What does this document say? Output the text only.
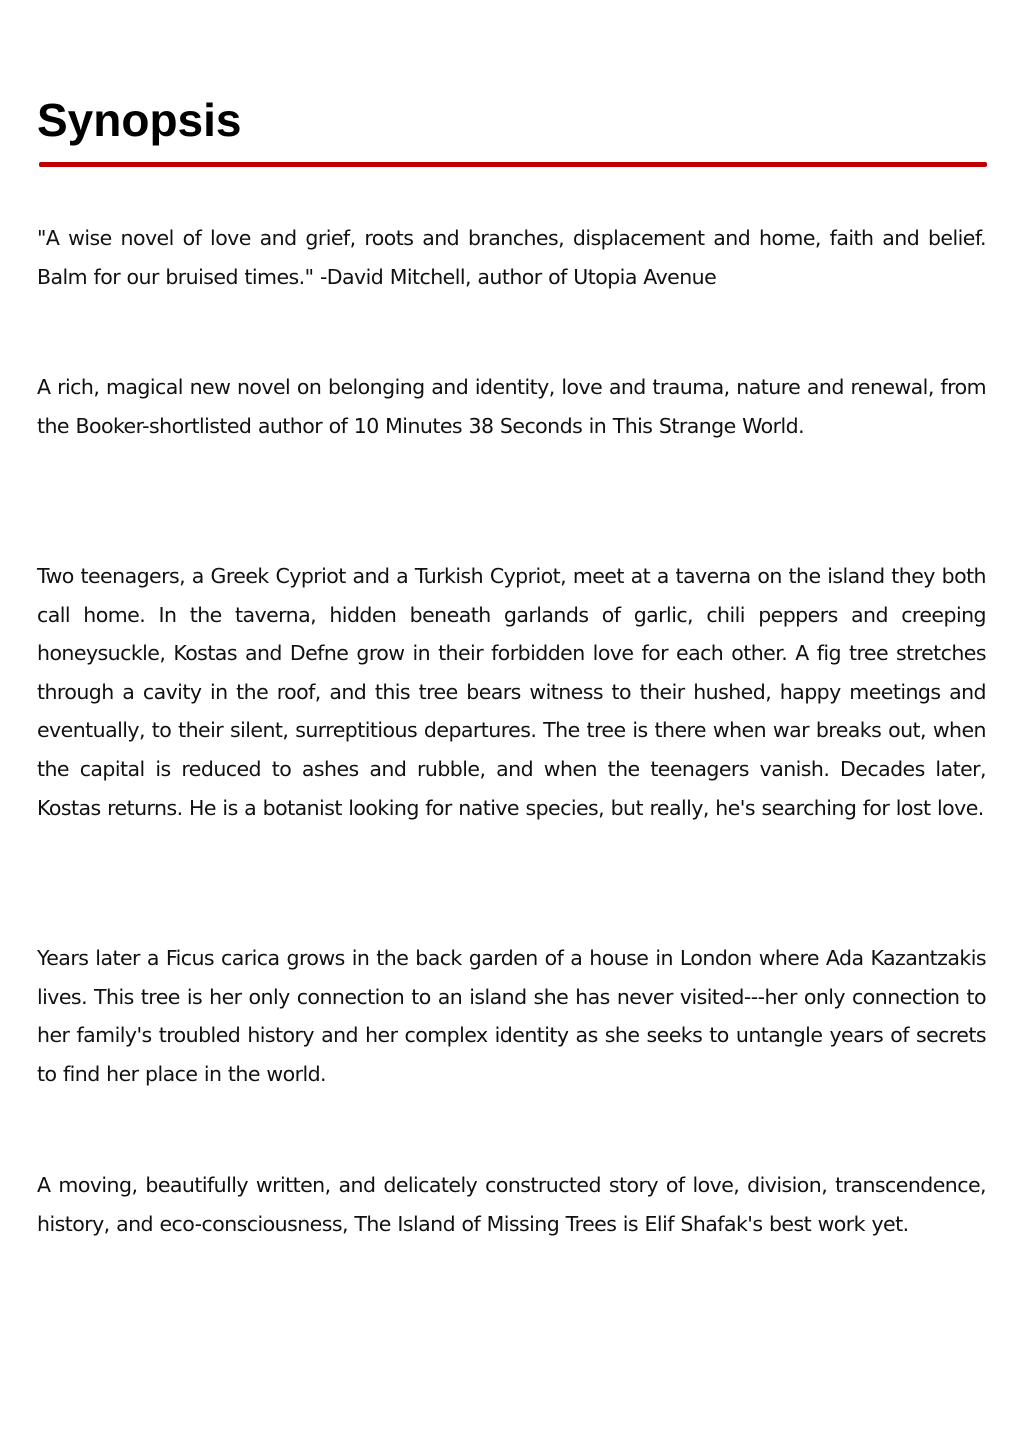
Synopsis

"A wise novel of love and grief, roots and branches, displacement and home, faith and belief. Balm for our bruised times." -David Mitchell, author of Utopia Avenue

A rich, magical new novel on belonging and identity, love and trauma, nature and renewal, from the Booker-shortlisted author of 10 Minutes 38 Seconds in This Strange World.

Two teenagers, a Greek Cypriot and a Turkish Cypriot, meet at a taverna on the island they both call home. In the taverna, hidden beneath garlands of garlic, chili peppers and creeping honeysuckle, Kostas and Defne grow in their forbidden love for each other. A fig tree stretches through a cavity in the roof, and this tree bears witness to their hushed, happy meetings and eventually, to their silent, surreptitious departures. The tree is there when war breaks out, when the capital is reduced to ashes and rubble, and when the teenagers vanish. Decades later, Kostas returns. He is a botanist looking for native species, but really, he's searching for lost love.

Years later a Ficus carica grows in the back garden of a house in London where Ada Kazantzakis lives. This tree is her only connection to an island she has never visited---her only connection to her family's troubled history and her complex identity as she seeks to untangle years of secrets to find her place in the world.

A moving, beautifully written, and delicately constructed story of love, division, transcendence, history, and eco-consciousness, The Island of Missing Trees is Elif Shafak's best work yet.
